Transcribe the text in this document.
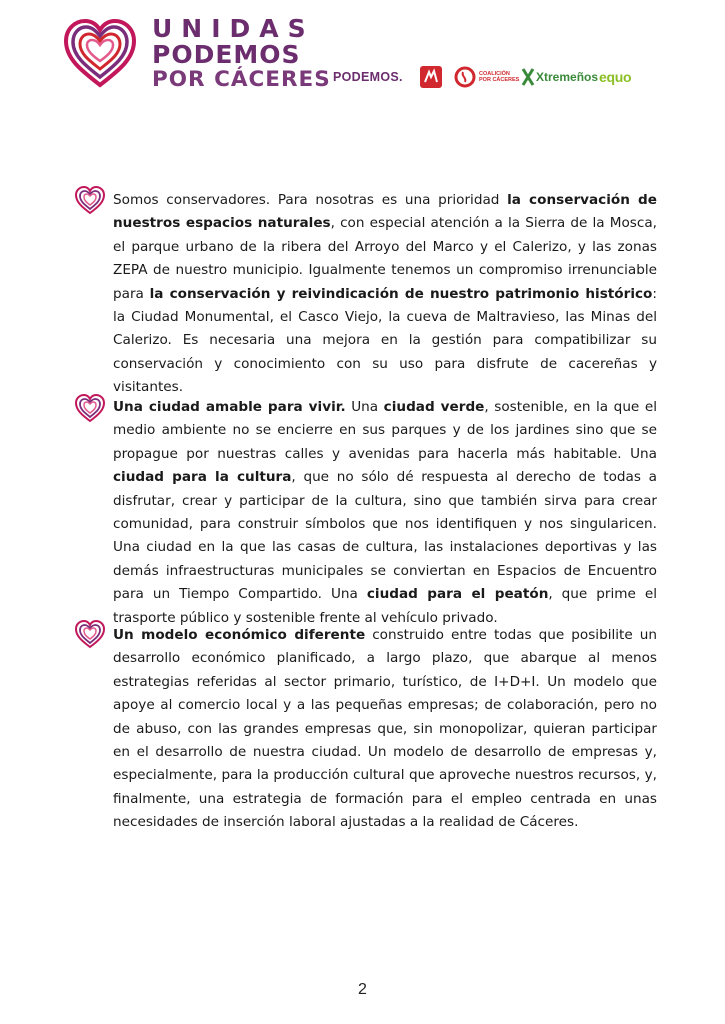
UNIDAS
PODEMOS
POR CÁCERES PODEMOS.	COALICIÓN
POR CÁCERES Xtremeños equo
Somos conservadores. Para nosotras es una prioridad la conservación de nuestros espacios naturales, con especial atención a la Sierra de la Mosca, el parque urbano de la ribera del Arroyo del Marco y el Calerizo, y las zonas ZEPA de nuestro municipio. Igualmente tenemos un compromiso irrenunciable para la conservación y reivindicación de nuestro patrimonio histórico: la Ciudad Monumental, el Casco Viejo, la cueva de Maltravieso, las Minas del Calerizo. Es necesaria una mejora en la gestión para compatibilizar su conservación y conocimiento con su uso para disfrute de cacereñas y visitantes.
Una ciudad amable para vivir. Una ciudad verde, sostenible, en la que el medio ambiente no se encierre en sus parques y de los jardines sino que se propague por nuestras calles y avenidas para hacerla más habitable. Una ciudad para la cultura, que no sólo dé respuesta al derecho de todas a disfrutar, crear y participar de la cultura, sino que también sirva para crear comunidad, para construir símbolos que nos identifiquen y nos singularicen. Una ciudad en la que las casas de cultura, las instalaciones deportivas y las demás infraestructuras municipales se conviertan en Espacios de Encuentro para un Tiempo Compartido. Una ciudad para el peatón, que prime el trasporte público y sostenible frente al vehículo privado.
Un modelo económico diferente construido entre todas que posibilite un desarrollo económico planificado, a largo plazo, que abarque al menos estrategias referidas al sector primario, turístico, de I+D+I. Un modelo que apoye al comercio local y a las pequeñas empresas; de colaboración, pero no de abuso, con las grandes empresas que, sin monopolizar, quieran participar en el desarrollo de nuestra ciudad. Un modelo de desarrollo de empresas y, especialmente, para la producción cultural que aproveche nuestros recursos, y, finalmente, una estrategia de formación para el empleo centrada en unas necesidades de inserción laboral ajustadas a la realidad de Cáceres.
2
